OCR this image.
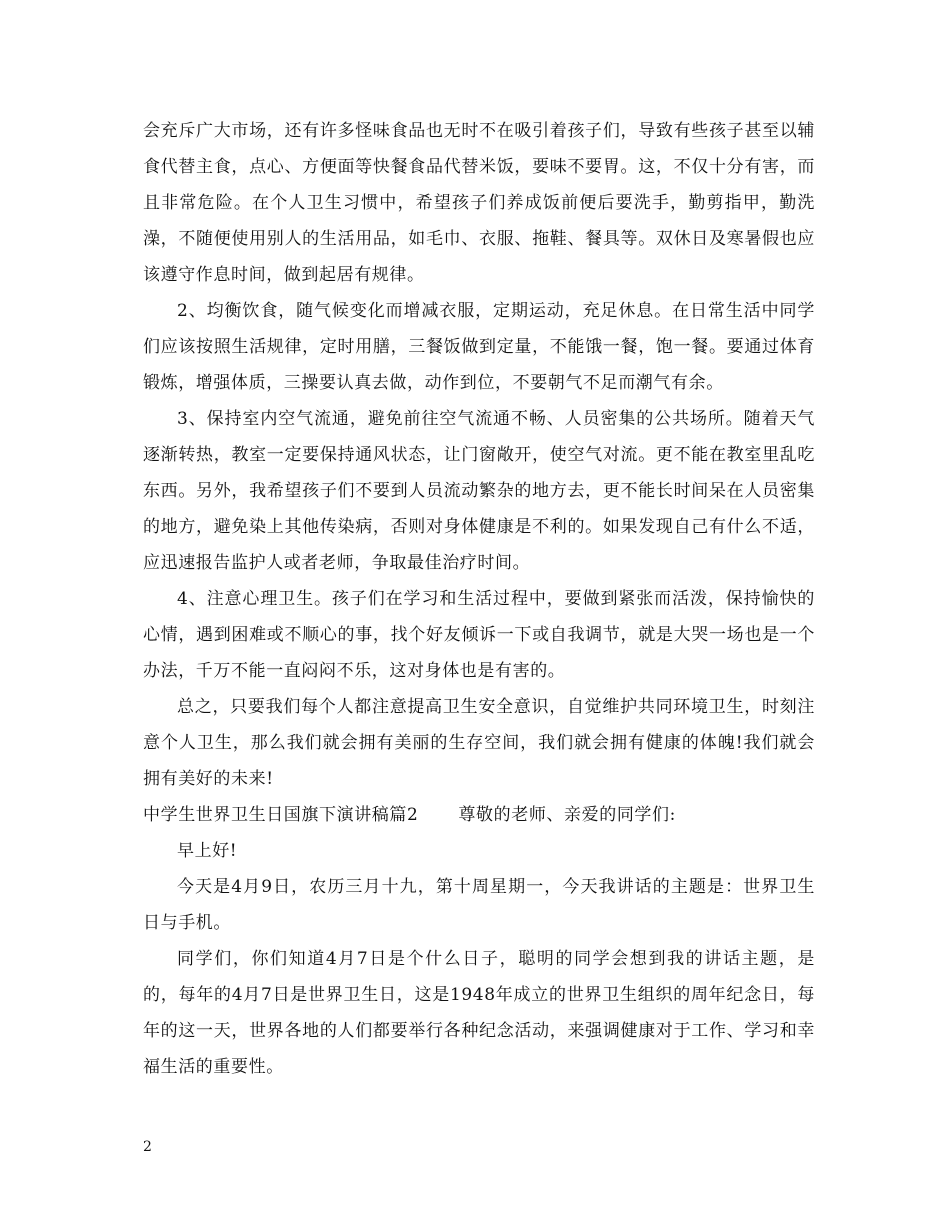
会充斥广大市场，还有许多怪味食品也无时不在吸引着孩子们，导致有些孩子甚至以辅食代替主食，点心、方便面等快餐食品代替米饭，要味不要胃。这，不仅十分有害，而且非常危险。在个人卫生习惯中，希望孩子们养成饭前便后要洗手，勤剪指甲，勤洗澡，不随便使用别人的生活用品，如毛巾、衣服、拖鞋、餐具等。双休日及寒暑假也应该遵守作息时间，做到起居有规律。

2、均衡饮食，随气候变化而增减衣服，定期运动，充足休息。在日常生活中同学们应该按照生活规律，定时用膳，三餐饭做到定量，不能饿一餐，饱一餐。要通过体育锻炼，增强体质，三操要认真去做，动作到位，不要朝气不足而潮气有余。

3、保持室内空气流通，避免前往空气流通不畅、人员密集的公共场所。随着天气逐渐转热，教室一定要保持通风状态，让门窗敞开，使空气对流。更不能在教室里乱吃东西。另外，我希望孩子们不要到人员流动繁杂的地方去，更不能长时间呆在人员密集的地方，避免染上其他传染病，否则对身体健康是不利的。如果发现自己有什么不适，应迅速报告监护人或者老师，争取最佳治疗时间。

4、注意心理卫生。孩子们在学习和生活过程中，要做到紧张而活泼，保持愉快的心情，遇到困难或不顺心的事，找个好友倾诉一下或自我调节，就是大哭一场也是一个办法，千万不能一直闷闷不乐，这对身体也是有害的。

总之，只要我们每个人都注意提高卫生安全意识，自觉维护共同环境卫生，时刻注意个人卫生，那么我们就会拥有美丽的生存空间，我们就会拥有健康的体魄!我们就会拥有美好的未来!

中学生世界卫生日国旗下演讲稿篇2 尊敬的老师、亲爱的同学们:

早上好!

今天是4月9日，农历三月十九，第十周星期一，今天我讲话的主题是：世界卫生日与手机。

同学们，你们知道4月7日是个什么日子，聪明的同学会想到我的讲话主题，是的，每年的4月7日是世界卫生日，这是1948年成立的世界卫生组织的周年纪念日，每年的这一天，世界各地的人们都要举行各种纪念活动，来强调健康对于工作、学习和幸福生活的重要性。

2
